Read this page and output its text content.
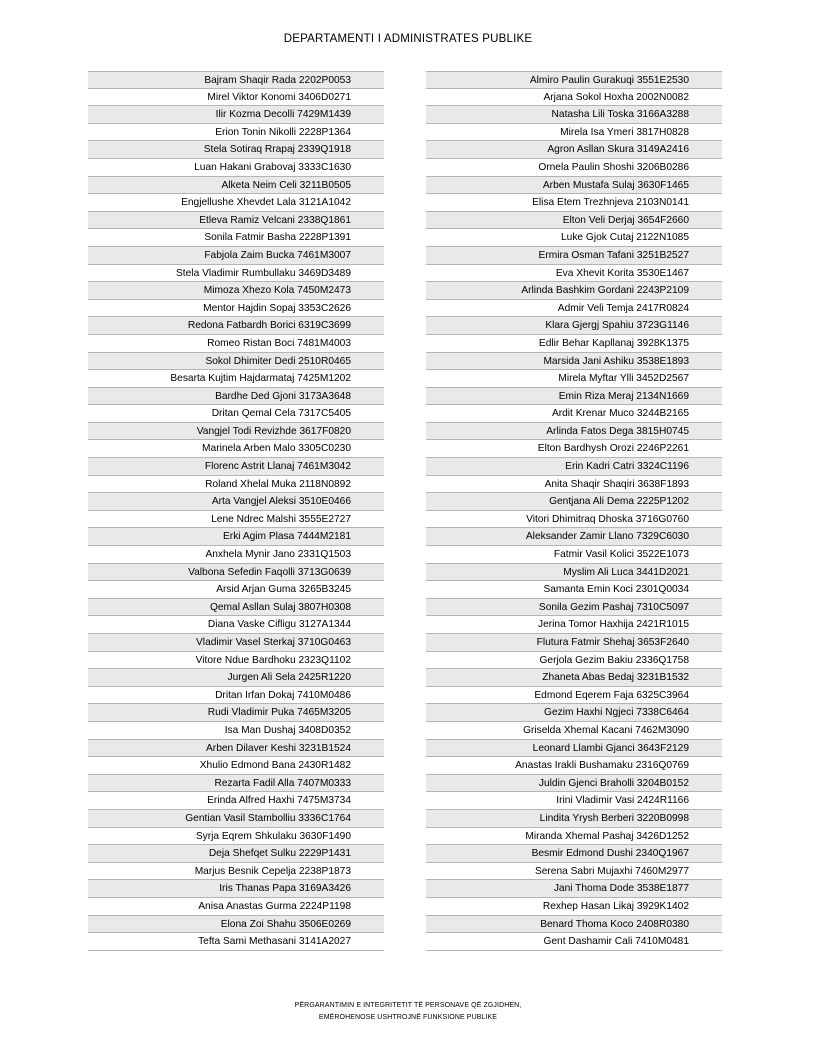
DEPARTAMENTI I ADMINISTRATES PUBLIKE
Bajram Shaqir Rada 2202P0053
Mirel Viktor Konomi 3406D0271
Ilir Kozma Decolli 7429M1439
Erion Tonin Nikolli 2228P1364
Stela Sotiraq Rrapaj 2339Q1918
Luan Hakani Grabovaj 3333C1630
Alketa Neim Celi 3211B0505
Engjellushe Xhevdet Lala 3121A1042
Etleva Ramiz Velcani 2338Q1861
Sonila Fatmir Basha 2228P1391
Fabjola Zaim Bucka 7461M3007
Stela Vladimir Rumbullaku 3469D3489
Mimoza Xhezo Kola 7450M2473
Mentor Hajdin Sopaj 3353C2626
Redona Fatbardh Borici 6319C3699
Romeo Ristan Boci 7481M4003
Sokol Dhimiter Dedi 2510R0465
Besarta Kujtim Hajdarmataj 7425M1202
Bardhe Ded Gjoni 3173A3648
Dritan Qemal Cela 7317C5405
Vangjel Todi Revizhde 3617F0820
Marinela Arben Malo 3305C0230
Florenc Astrit Llanaj 7461M3042
Roland Xhelal Muka 2118N0892
Arta Vangjel Aleksi 3510E0466
Lene Ndrec Malshi 3555E2727
Erki Agim Plasa 7444M2181
Anxhela Mynir Jano 2331Q1503
Valbona Sefedin Faqolli 3713G0639
Arsid Arjan Guma 3265B3245
Qemal Asllan Sulaj 3807H0308
Diana Vaske Cifligu 3127A1344
Vladimir Vasel Sterkaj 3710G0463
Vitore Ndue Bardhoku 2323Q1102
Jurgen Ali Sela 2425R1220
Dritan Irfan Dokaj 7410M0486
Rudi Vladimir Puka 7465M3205
Isa Man Dushaj 3408D0352
Arben Dilaver Keshi 3231B1524
Xhulio Edmond Bana 2430R1482
Rezarta Fadil Alla 7407M0333
Erinda Alfred Haxhi 7475M3734
Gentian Vasil Stambolliu 3336C1764
Syrja Eqrem Shkulaku 3630F1490
Deja Shefqet Sulku 2229P1431
Marjus Besnik Cepelja 2238P1873
Iris Thanas Papa 3169A3426
Anisa Anastas Gurma 2224P1198
Elona Zoi Shahu 3506E0269
Tefta Sami Methasani 3141A2027
Almiro Paulin Gurakuqi 3551E2530
Arjana Sokol Hoxha 2002N0082
Natasha Lili Toska 3166A3288
Mirela Isa Ymeri 3817H0828
Agron Asllan Skura 3149A2416
Ornela Paulin Shoshi 3206B0286
Arben Mustafa Sulaj 3630F1465
Elisa Etem Trezhnjeva 2103N0141
Elton Veli Derjaj 3654F2660
Luke Gjok Cutaj 2122N1085
Ermira Osman Tafani 3251B2527
Eva Xhevit Korita 3530E1467
Arlinda Bashkim Gordani 2243P2109
Admir Veli Temja 2417R0824
Klara Gjergj Spahiu 3723G1146
Edlir Behar Kapllanaj 3928K1375
Marsida Jani Ashiku 3538E1893
Mirela Myftar Ylli 3452D2567
Emin Riza Meraj 2134N1669
Ardit Krenar Muco 3244B2165
Arlinda Fatos Dega 3815H0745
Elton Bardhysh Orozi 2246P2261
Erin Kadri Catri 3324C1196
Anita Shaqir Shaqiri 3638F1893
Gentjana Ali Dema 2225P1202
Vitori Dhimitraq Dhoska 3716G0760
Aleksander Zamir Llano 7329C6030
Fatmir Vasil Kolici 3522E1073
Myslim Ali Luca 3441D2021
Samanta Emin Koci 2301Q0034
Sonila Gezim Pashaj 7310C5097
Jerina Tomor Haxhija 2421R1015
Flutura Fatmir Shehaj 3653F2640
Gerjola Gezim Bakiu 2336Q1758
Zhaneta Abas Bedaj 3231B1532
Edmond Eqerem Faja 6325C3964
Gezim Haxhi Ngjeci 7338C6464
Griselda Xhemal Kacani 7462M3090
Leonard Llambi Gjanci 3643F2129
Anastas Irakli Bushamaku 2316Q0769
Juldin Gjenci Braholli 3204B0152
Irini Vladimir Vasi 2424R1166
Lindita Yrysh Berberi 3220B0998
Miranda Xhemal Pashaj 3426D1252
Besmir Edmond Dushi 2340Q1967
Serena Sabri Mujaxhi 7460M2977
Jani Thoma Dode 3538E1877
Rexhep Hasan Likaj 3929K1402
Benard Thoma Koco 2408R0380
Gent Dashamir Cali 7410M0481
PËRGARANTIMIN E INTEGRITETIT TË PERSONAVE QË ZGJIDHEN,
EMËROHENOSE USHTROJNË FUNKSIONE PUBLIKE
